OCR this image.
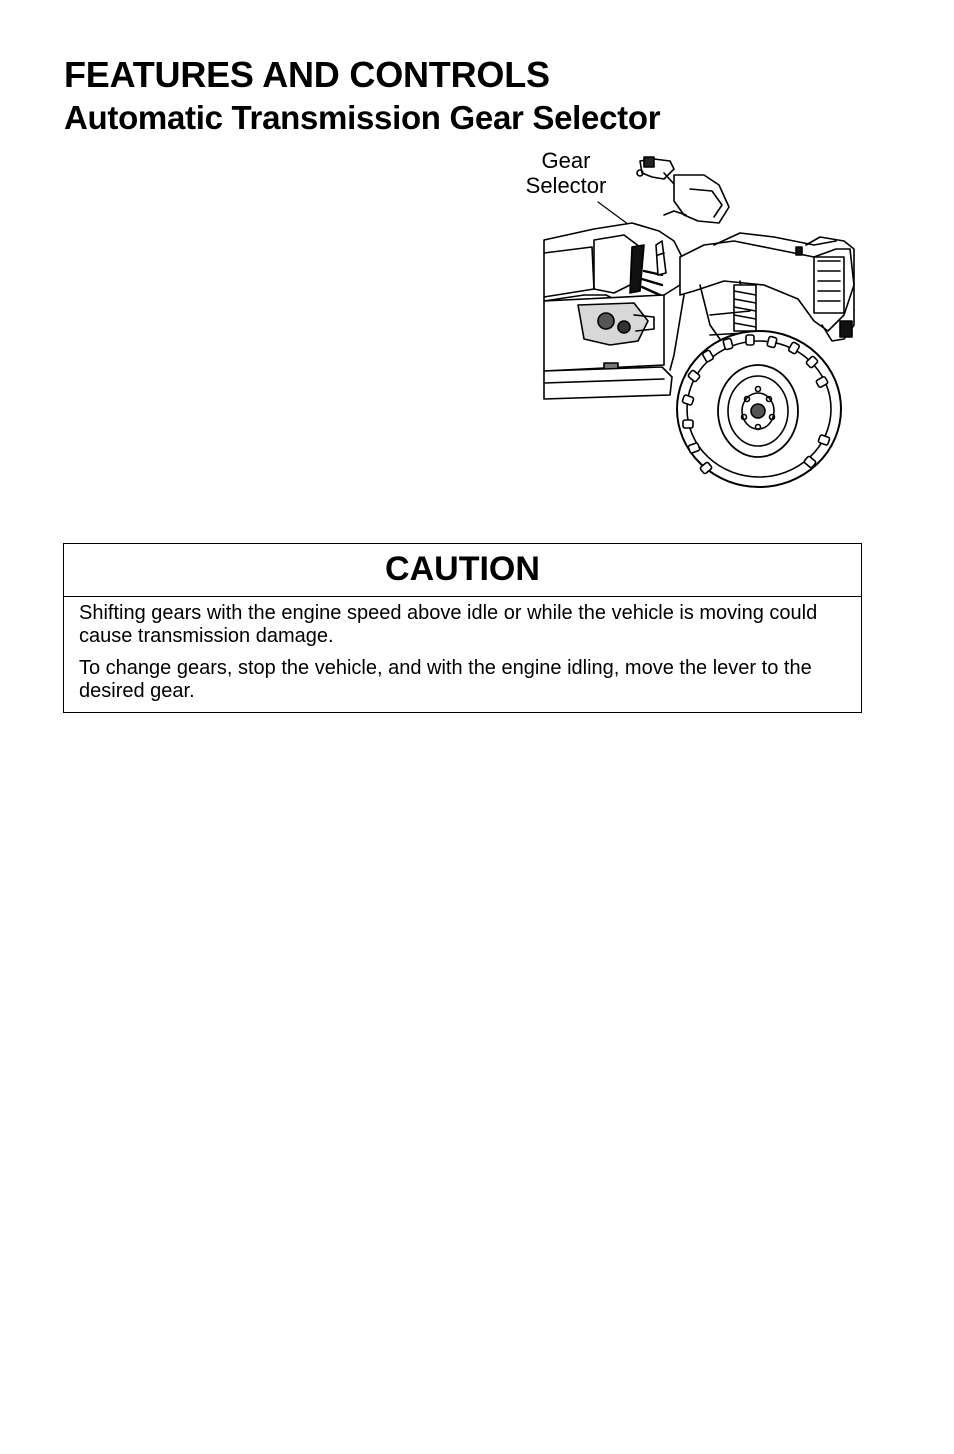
FEATURES AND CONTROLS
Automatic Transmission Gear Selector
Gear
Selector
CAUTION

Shifting gears with the engine speed above idle or while the vehicle is moving could cause transmission damage.

To change gears, stop the vehicle, and with the engine idling, move the lever to the desired gear.
